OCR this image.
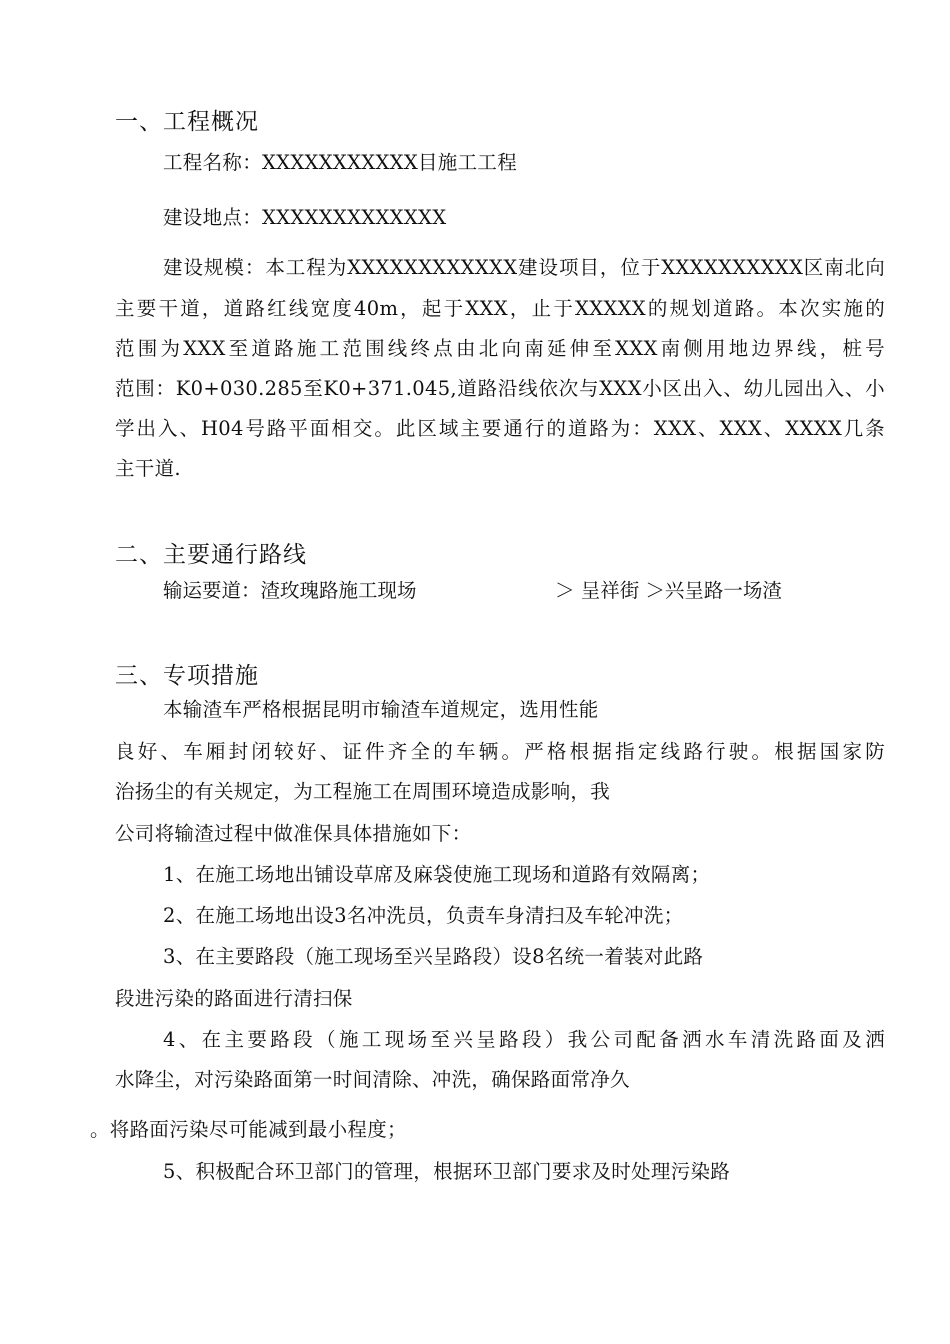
一、工程概况
工程名称：XXXXXXXXXXX目施工工程
建设地点：XXXXXXXXXXXXX
建设规模：本工程为XXXXXXXXXXXX建设项目，位于XXXXXXXXXX区南北向
主要干道，道路红线宽度40m，起于XXX，止于XXXXX的规划道路。本次实施的
范围为XXX至道路施工范围线终点由北向南延伸至XXX南侧用地边界线，桩号
范围：K0+030.285至K0+371.045,道路沿线依次与XXX小区出入、幼儿园出入、小
学出入、H04号路平面相交。此区域主要通行的道路为：XXX、XXX、XXXX几条
主干道.
二、主要通行路线
输运要道：渣玫瑰路施工现场	＞ 呈祥街 ＞兴呈路一场渣
三、专项措施
本输渣车严格根据昆明市输渣车道规定，选用性能
良好、车厢封闭较好、证件齐全的车辆。严格根据指定线路行驶。根据国家防
治扬尘的有关规定，为工程施工在周围环境造成影响，我
公司将输渣过程中做准保具体措施如下：
1、在施工场地出铺设草席及麻袋使施工现场和道路有效隔离；
2、在施工场地出设3名冲洗员，负责车身清扫及车轮冲洗；
3、在主要路段（施工现场至兴呈路段）设8名统一着装对此路
段进污染的路面进行清扫保
4、在主要路段（施工现场至兴呈路段）我公司配备洒水车清洗路面及洒
水降尘，对污染路面第一时间清除、冲洗，确保路面常净久
。将路面污染尽可能减到最小程度；
5、积极配合环卫部门的管理，根据环卫部门要求及时处理污染路
